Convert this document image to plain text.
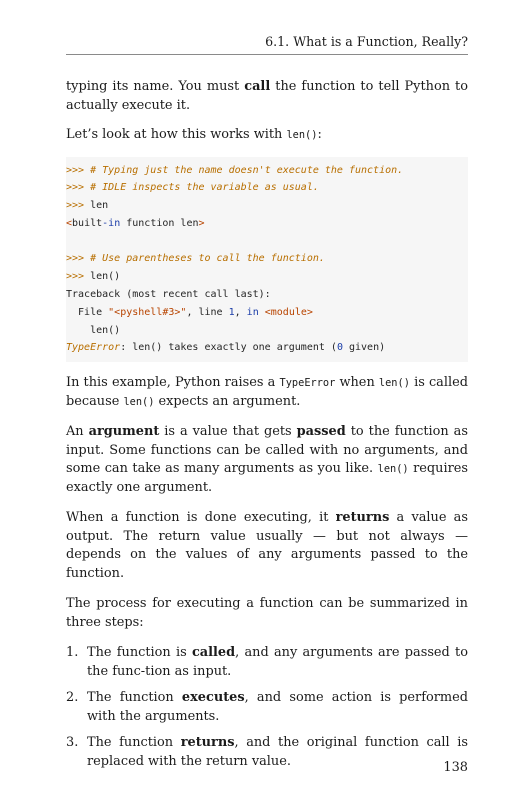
6.1. What is a Function, Really?

typing its name. You must call the function to tell Python to actually execute it.

Let’s look at how this works with len():

>>> # Typing just the name doesn't execute the function.
>>> # IDLE inspects the variable as usual.
>>> len
<built-in function len>
>>> # Use parentheses to call the function.
>>> len()
Traceback (most recent call last):
File "<pyshell#3>", line 1, in <module>
len()
TypeError: len() takes exactly one argument (0 given)

In this example, Python raises a TypeError when len() is called because len() expects an argument.

An argument is a value that gets passed to the function as input. Some functions can be called with no arguments, and some can take as many arguments as you like. len() requires exactly one argument.

When a function is done executing, it returns a value as output. The return value usually — but not always — depends on the values of any arguments passed to the function.

The process for executing a function can be summarized in three steps:

1. The function is called, and any arguments are passed to the func-tion as input.
2. The function executes, and some action is performed with the arguments.
3. The function returns, and the original function call is replaced with the return value.	138
